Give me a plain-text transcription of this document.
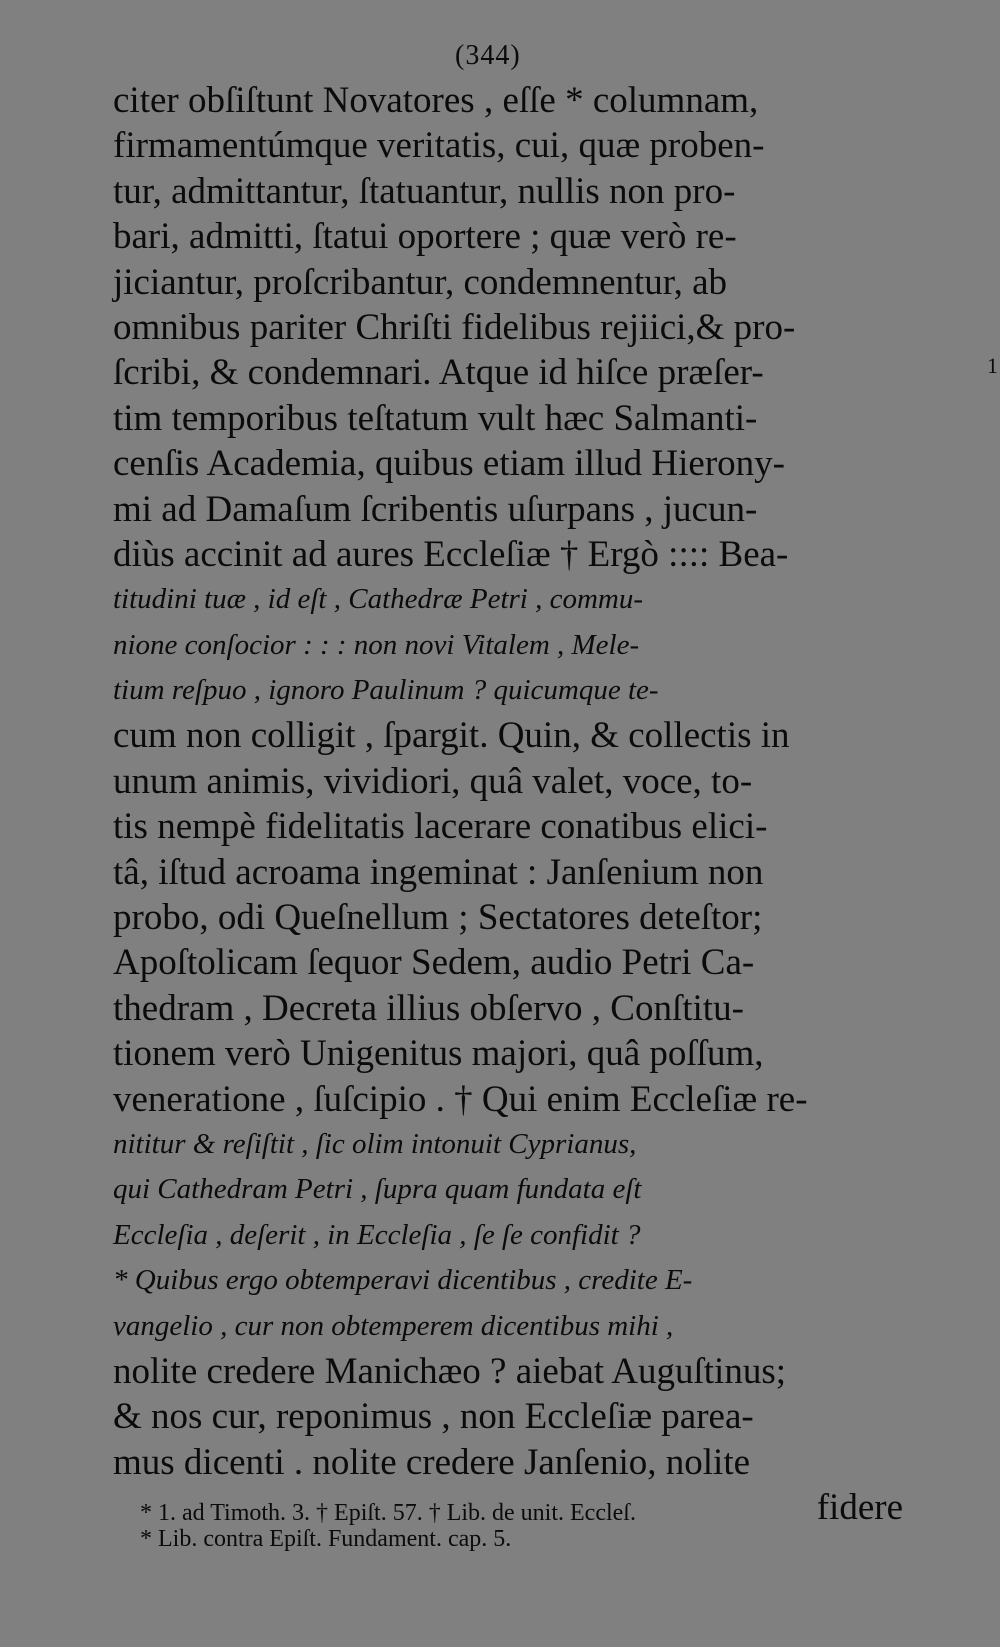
(344)
citer obſiſtunt Novatores , eſſe * columnam,
firmamentúmque veritatis, cui, quæ proben-
tur, admittantur, ſtatuantur, nullis non pro-
bari, admitti, ſtatui oportere ; quæ verò re-
jiciantur, proſcribantur, condemnentur, ab
omnibus pariter Chriſti fidelibus rejiici,& pro-
ſcribi, & condemnari. Atque id hiſce præſer-
tim temporibus teſtatum vult hæc Salmanti-
cenſis Academia, quibus etiam illud Hierony-
mi ad Damaſum ſcribentis uſurpans , jucun-
diùs accinit ad aures Eccleſiæ † Ergò :::: Bea-
titudini tuæ , id eſt , Cathedræ Petri , commu-
nione conſocior : : : non novi Vitalem , Mele-
tium reſpuo , ignoro Paulinum ? quicumque te-
cum non colligit , ſpargit. Quin, & collectis in
unum animis, vividiori, quâ valet, voce, to-
tis nempè fidelitatis lacerare conatibus elici-
tâ, iſtud acroama ingeminat : Janſenium non
probo, odi Queſnellum ; Sectatores deteſtor;
Apoſtolicam ſequor Sedem, audio Petri Ca-
thedram , Decreta illius obſervo , Conſtitu-
tionem verò Unigenitus majori, quâ poſſum,
veneratione , ſuſcipio . † Qui enim Eccleſiæ re-
nititur & reſiſtit , ſic olim intonuit Cyprianus,
qui Cathedram Petri , ſupra quam fundata eſt
Eccleſia , deſerit , in Eccleſia , ſe ſe confidit ?
* Quibus ergo obtemperavi dicentibus , credite E-
vangelio , cur non obtemperem dicentibus mihi ,
nolite credere Manichæo ? aiebat Auguſtinus;
& nos cur, reponimus , non Eccleſiæ parea-
mus dicenti . nolite credere Janſenio, nolite
fidere
1
* 1. ad Timoth. 3. † Epiſt. 57. † Lib. de unit. Eccleſ.
* Lib. contra Epiſt. Fundament. cap. 5.
